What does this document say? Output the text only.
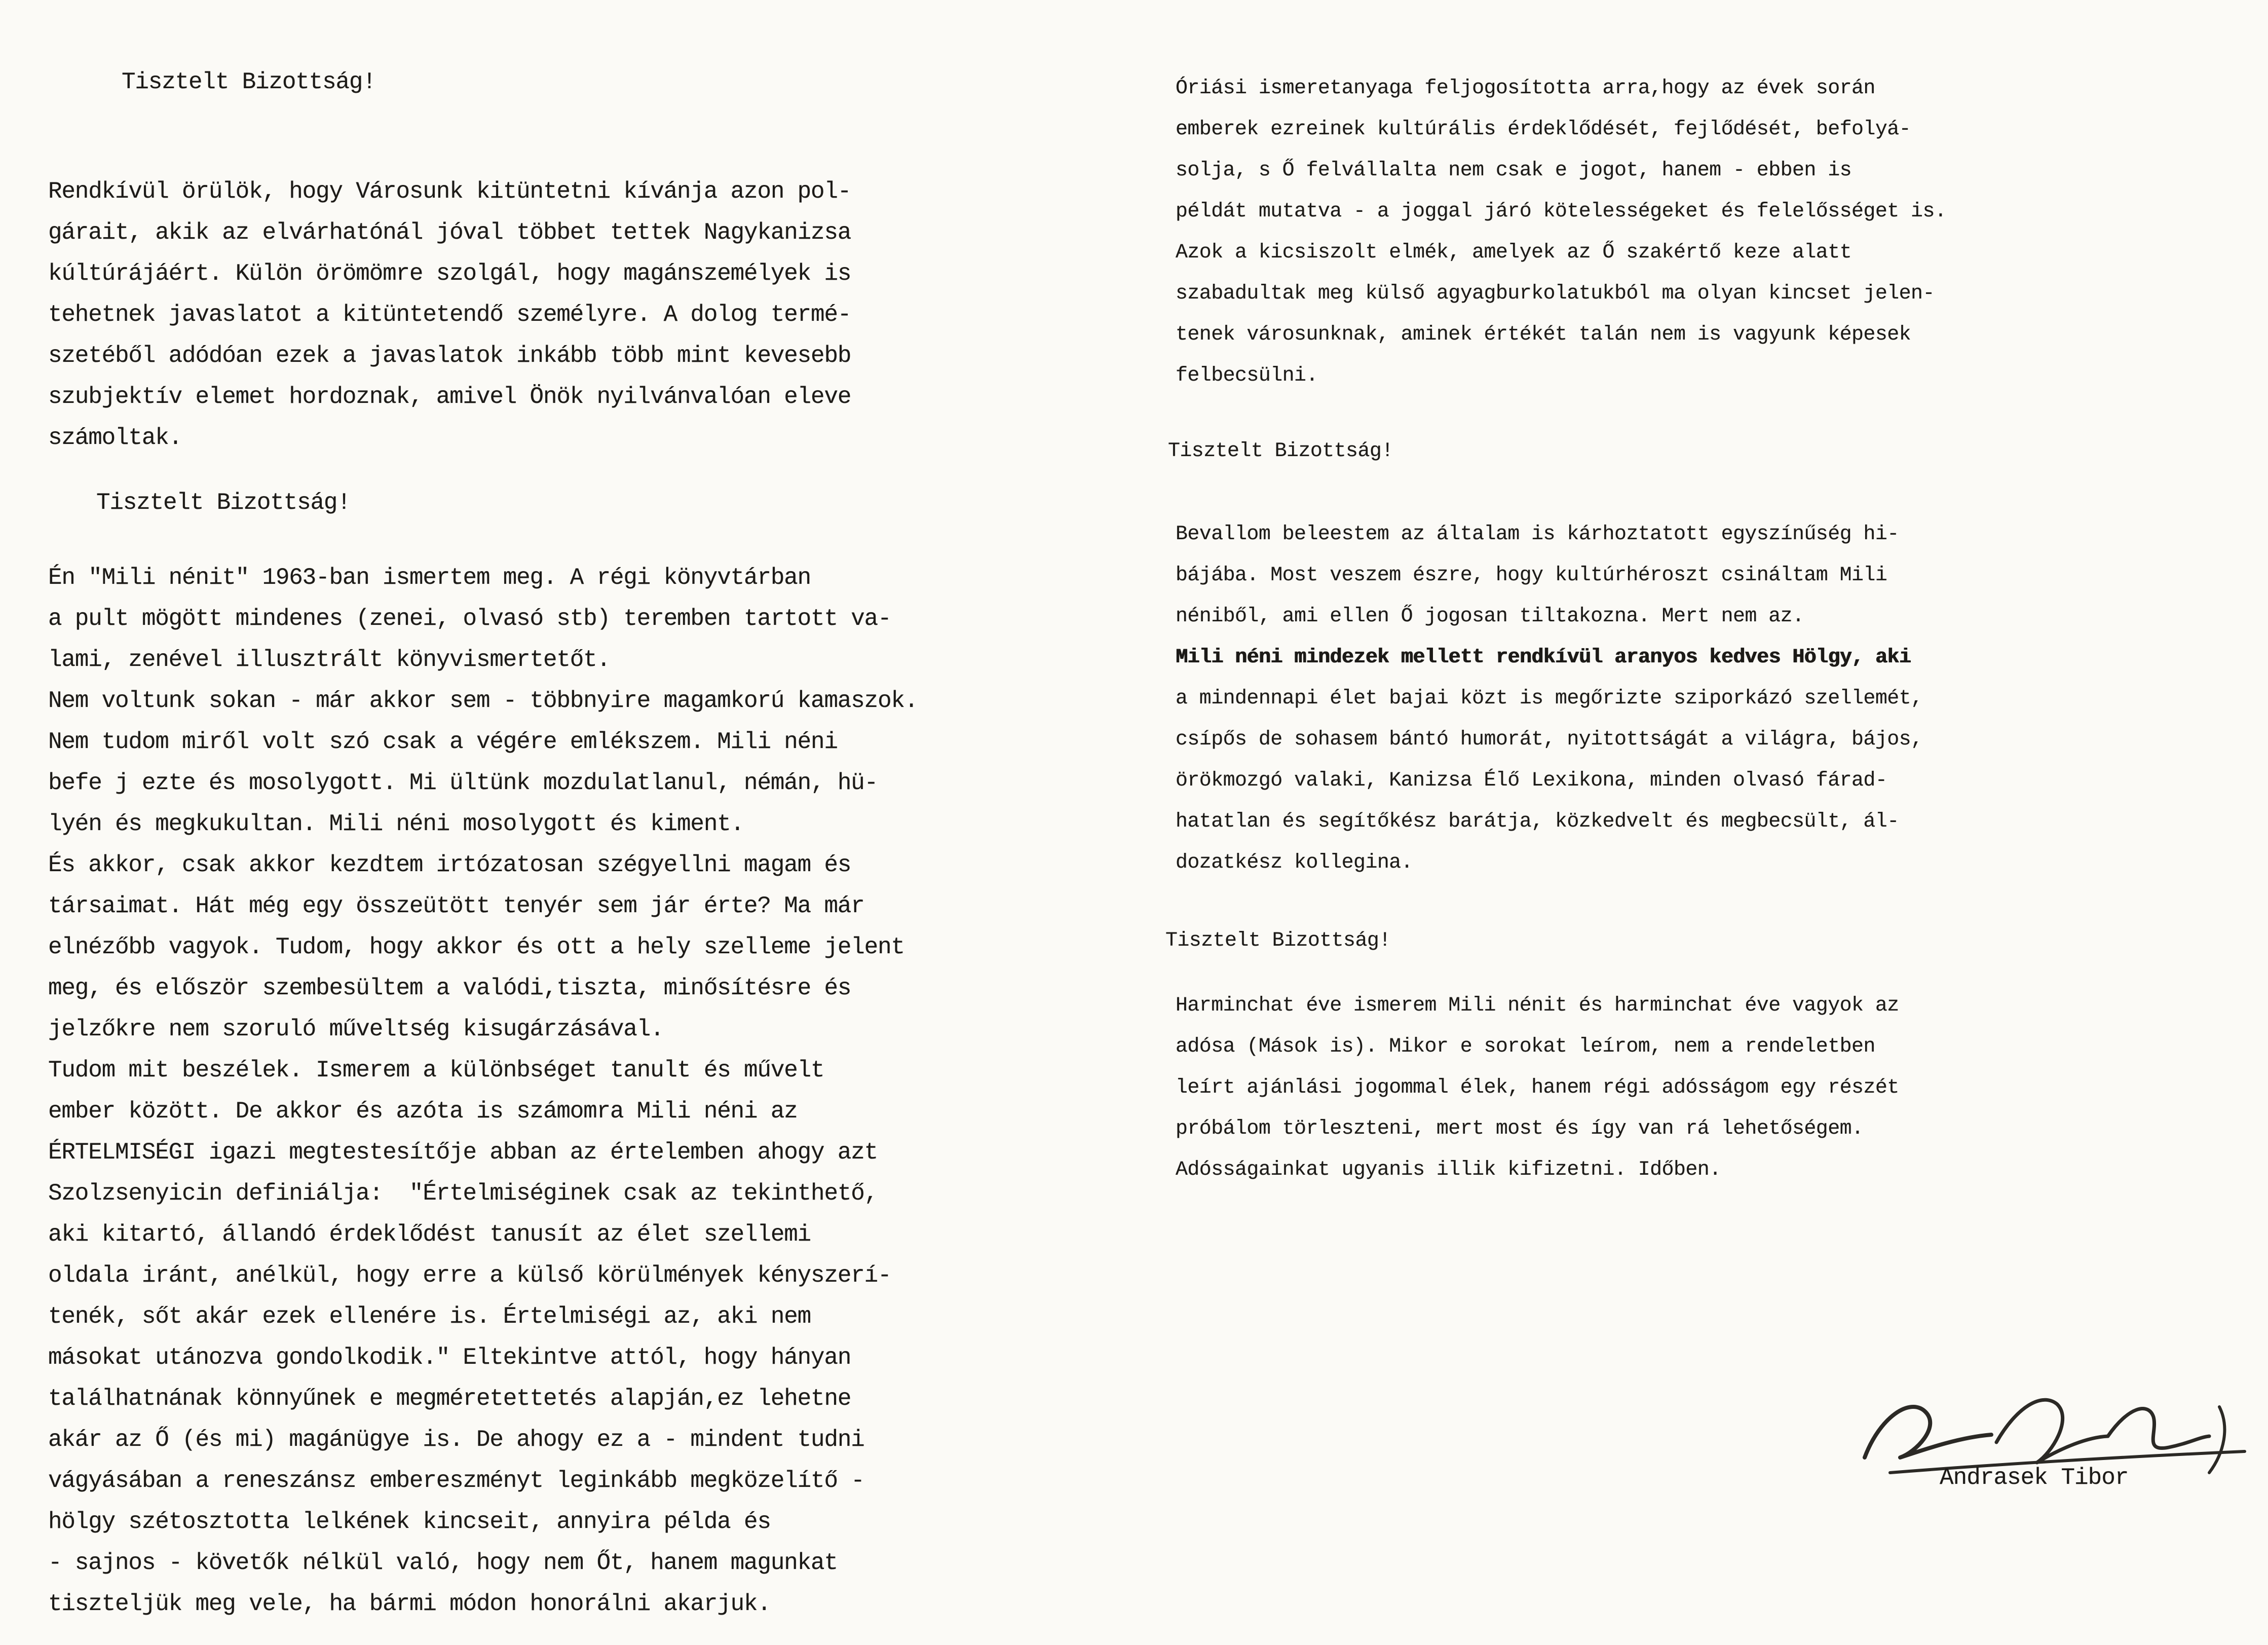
Tisztelt Bizottság!
Rendkívül örülök, hogy Városunk kitüntetni kívánja azon pol-
gárait, akik az elvárhatónál jóval többet tettek Nagykanizsa
kúltúrájáért. Külön örömömre szolgál, hogy magánszemélyek is
tehetnek javaslatot a kitüntetendő személyre. A dolog termé-
szetéből adódóan ezek a javaslatok inkább több mint kevesebb
szubjektív elemet hordoznak, amivel Önök nyilvánvalóan eleve
számoltak.
Tisztelt Bizottság!
Én "Mili nénit" 1963-ban ismertem meg. A régi könyvtárban
a pult mögött mindenes (zenei, olvasó stb) teremben tartott va-
lami, zenével illusztrált könyvismertetőt.
Nem voltunk sokan - már akkor sem - többnyire magamkorú kamaszok.
Nem tudom miről volt szó csak a végére emlékszem. Mili néni
befe j ezte és mosolygott. Mi ültünk mozdulatlanul, némán, hü-
lyén és megkukultan. Mili néni mosolygott és kiment.
És akkor, csak akkor kezdtem irtózatosan szégyellni magam és
társaimat. Hát még egy összeütött tenyér sem jár érte? Ma már
elnézőbb vagyok. Tudom, hogy akkor és ott a hely szelleme jelent
meg, és először szembesültem a valódi,tiszta, minősítésre és
jelzőkre nem szoruló műveltség kisugárzásával.
Tudom mit beszélek. Ismerem a különbséget tanult és művelt
ember között. De akkor és azóta is számomra Mili néni az
ÉRTELMISÉGI igazi megtestesítője abban az értelemben ahogy azt
Szolzsenyicin definiálja:  "Értelmiséginek csak az tekinthető,
aki kitartó, állandó érdeklődést tanusít az élet szellemi
oldala iránt, anélkül, hogy erre a külső körülmények kényszerí-
tenék, sőt akár ezek ellenére is. Értelmiségi az, aki nem
másokat utánozva gondolkodik." Eltekintve attól, hogy hányan
találhatnának könnyűnek e megméretettetés alapján,ez lehetne
akár az Ő (és mi) magánügye is. De ahogy ez a - mindent tudni
vágyásában a reneszánsz embereszményt leginkább megközelítő -
hölgy szétosztotta lelkének kincseit, annyira példa és
- sajnos - követők nélkül való, hogy nem Őt, hanem magunkat
tiszteljük meg vele, ha bármi módon honorálni akarjuk.
Óriási ismeretanyaga feljogosította arra,hogy az évek során
emberek ezreinek kultúrális érdeklődését, fejlődését, befolyá-
solja, s Ő felvállalta nem csak e jogot, hanem - ebben is
példát mutatva - a joggal járó kötelességeket és felelősséget is.
Azok a kicsiszolt elmék, amelyek az Ő szakértő keze alatt
szabadultak meg külső agyagburkolatukból ma olyan kincset jelen-
tenek városunknak, aminek értékét talán nem is vagyunk képesek
felbecsülni.
Tisztelt Bizottság!
Bevallom beleestem az általam is kárhoztatott egyszínűség hi-
bájába. Most veszem észre, hogy kultúrhéroszt csináltam Mili
néniből, ami ellen Ő jogosan tiltakozna. Mert nem az.
Mili néni mindezek mellett rendkívül aranyos kedves Hölgy, aki
a mindennapi élet bajai közt is megőrizte sziporkázó szellemét,
csípős de sohasem bántó humorát, nyitottságát a világra, bájos,
örökmozgó valaki, Kanizsa Élő Lexikona, minden olvasó fárad-
hatatlan és segítőkész barátja, közkedvelt és megbecsült, ál-
dozatkész kollegina.
Tisztelt Bizottság!
Harminchat éve ismerem Mili nénit és harminchat éve vagyok az
adósa (Mások is). Mikor e sorokat leírom, nem a rendeletben
leírt ajánlási jogommal élek, hanem régi adósságom egy részét
próbálom törleszteni, mert most és így van rá lehetőségem.
Adósságainkat ugyanis illik kifizetni. Időben.
Andrasek Tibor
